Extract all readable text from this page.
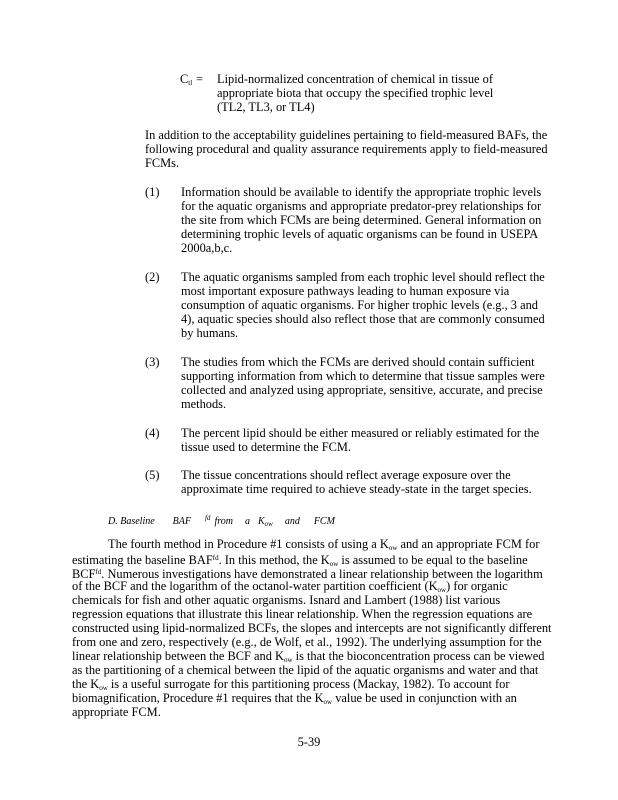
$C_{tl}$ = Lipid-normalized concentration of chemical in tissue of

appropriate biota that occupy the specified trophic level

(TL2, TL3, or TL4)

In addition to the acceptability guidelines pertaining to field-measured BAFs, the

following procedural and quality assurance requirements apply to field-measured

FCMs.

(1) Information should be available to identify the appropriate trophic levels

for the aquatic organisms and appropriate predator-prey relationships for

the site from which FCMs are being determined. General information on

determining trophic levels of aquatic organisms can be found in USEPA

2000a,b,c.

(2) The aquatic organisms sampled from each trophic level should reflect the

most important exposure pathways leading to human exposure via

consumption of aquatic organisms. For higher trophic levels (e.g., 3 and

4), aquatic species should also reflect those that are commonly consumed

by humans.

(3) The studies from which the FCMs are derived should contain sufficient

supporting information from which to determine that tissue samples were

collected and analyzed using appropriate, sensitive, accurate, and precise

methods.

(4) The percent lipid should be either measured or reliably estimated for the

tissue used to determine the FCM.

(5) The tissue concentrations should reflect average exposure over the

approximate time required to achieve steady-state in the target species.

D. Baseline BAF fd from a Kow and FCM

The fourth method in Procedure #1 consists of using a $K_{ow}$ and an appropriate FCM for

estimating the baseline $BAF^{fd}$. In this method, the $K_{ow}$ is assumed to be equal to the baseline

$BCF^{fd}$. Numerous investigations have demonstrated a linear relationship between the logarithm

of the BCF and the logarithm of the octanol-water partition coefficient $(K_{ow})$ for organic

chemicals for fish and other aquatic organisms. Isnard and Lambert (1988) list various

regression equations that illustrate this linear relationship. When the regression equations are

constructed using lipid-normalized BCFs, the slopes and intercepts are not significantly different

from one and zero, respectively (e.g., de Wolf, et al., 1992). The underlying assumption for the

linear relationship between the BCF and $K_{ow}$ is that the bioconcentration process can be viewed

as the partitioning of a chemical between the lipid of the aquatic organisms and water and that

the $K_{ow}$ is a useful surrogate for this partitioning process (Mackay, 1982). To account for

biomagnification, Procedure #1 requires that the $K_{ow}$ value be used in conjunction with an

appropriate FCM.

5-39
